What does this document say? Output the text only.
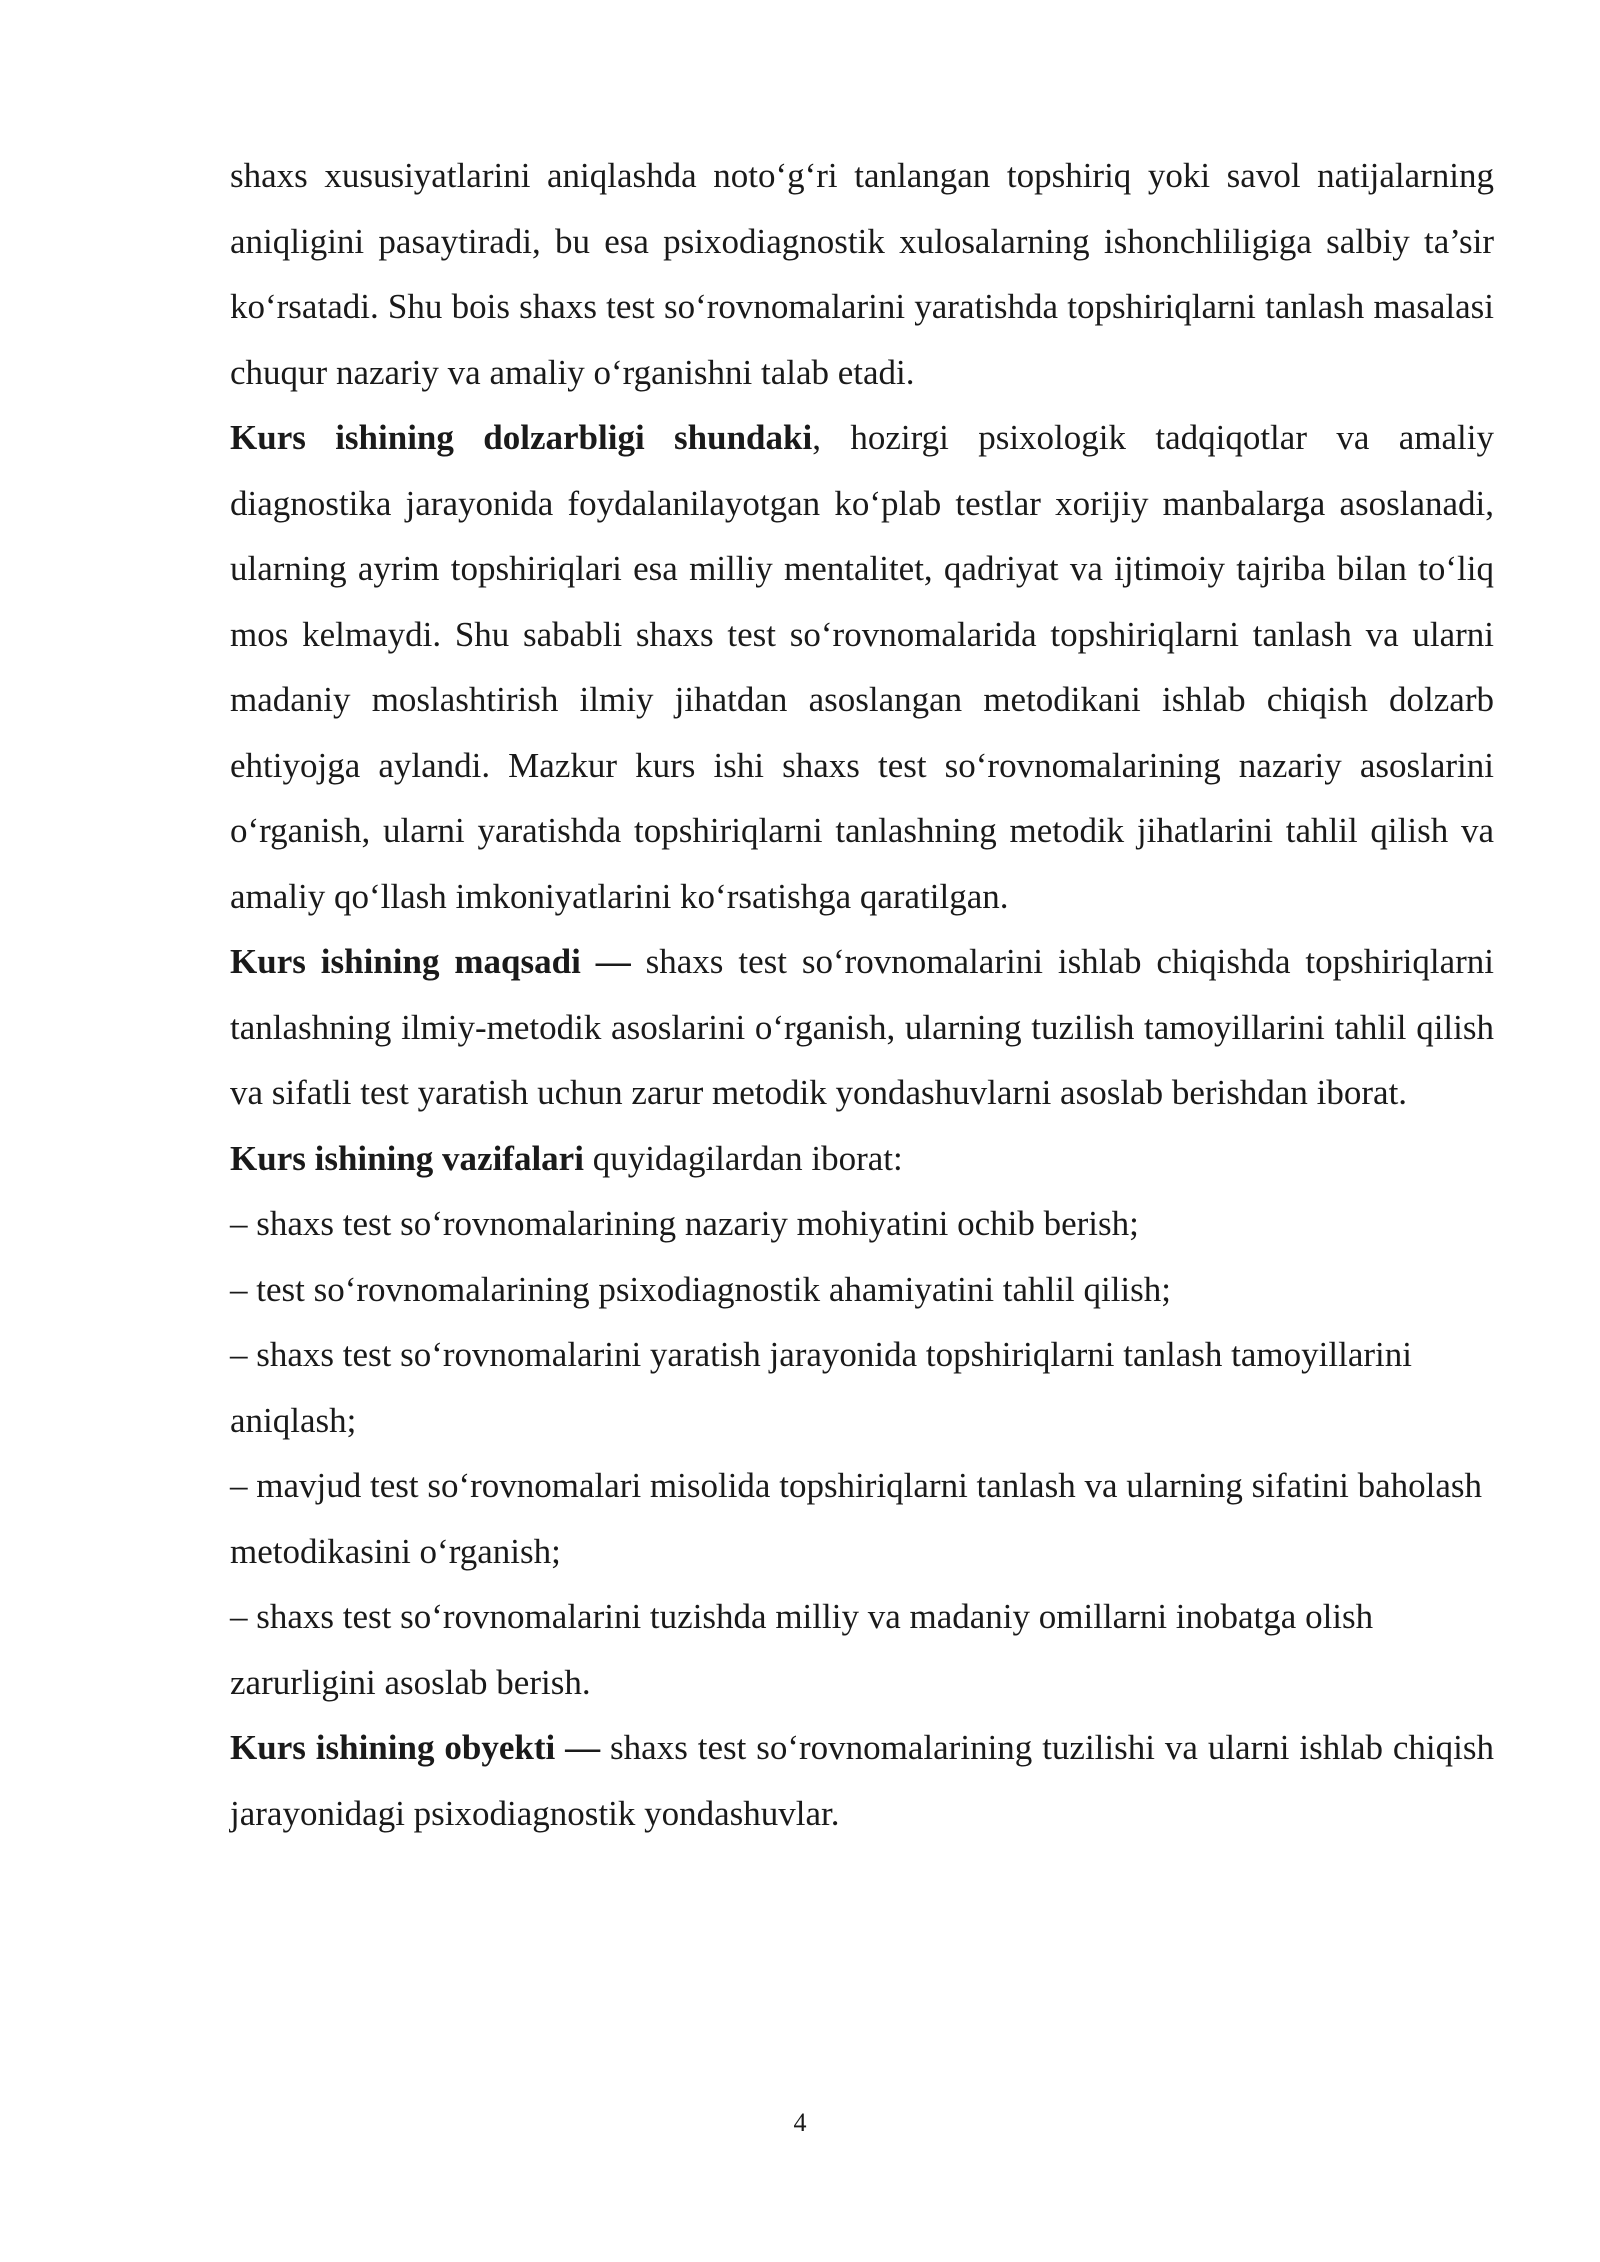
shaxs xususiyatlarini aniqlashda noto‘g‘ri tanlangan topshiriq yoki savol natijalarning aniqligini pasaytiradi, bu esa psixodiagnostik xulosalarning ishonchliligiga salbiy ta’sir ko‘rsatadi. Shu bois shaxs test so‘rovnomalarini yaratishda topshiriqlarni tanlash masalasi chuqur nazariy va amaliy o‘rganishni talab etadi.

Kurs ishining dolzarbligi shundaki, hozirgi psixologik tadqiqotlar va amaliy diagnostika jarayonida foydalanilayotgan ko‘plab testlar xorijiy manbalarga asoslanadi, ularning ayrim topshiriqlari esa milliy mentalitet, qadriyat va ijtimoiy tajriba bilan to‘liq mos kelmaydi. Shu sababli shaxs test so‘rovnomalarida topshiriqlarni tanlash va ularni madaniy moslashtirish ilmiy jihatdan asoslangan metodikani ishlab chiqish dolzarb ehtiyojga aylandi. Mazkur kurs ishi shaxs test so‘rovnomalarining nazariy asoslarini o‘rganish, ularni yaratishda topshiriqlarni tanlashning metodik jihatlarini tahlil qilish va amaliy qo‘llash imkoniyatlarini ko‘rsatishga qaratilgan.

Kurs ishining maqsadi — shaxs test so‘rovnomalarini ishlab chiqishda topshiriqlarni tanlashning ilmiy-metodik asoslarini o‘rganish, ularning tuzilish tamoyillarini tahlil qilish va sifatli test yaratish uchun zarur metodik yondashuvlarni asoslab berishdan iborat.

Kurs ishining vazifalari quyidagilardan iborat:

– shaxs test so‘rovnomalarining nazariy mohiyatini ochib berish;

– test so‘rovnomalarining psixodiagnostik ahamiyatini tahlil qilish;

– shaxs test so‘rovnomalarini yaratish jarayonida topshiriqlarni tanlash tamoyillarini aniqlash;

– mavjud test so‘rovnomalari misolida topshiriqlarni tanlash va ularning sifatini baholash metodikasini o‘rganish;

– shaxs test so‘rovnomalarini tuzishda milliy va madaniy omillarni inobatga olish zarurligini asoslab berish.

Kurs ishining obyekti — shaxs test so‘rovnomalarining tuzilishi va ularni ishlab chiqish jarayonidagi psixodiagnostik yondashuvlar.

4
